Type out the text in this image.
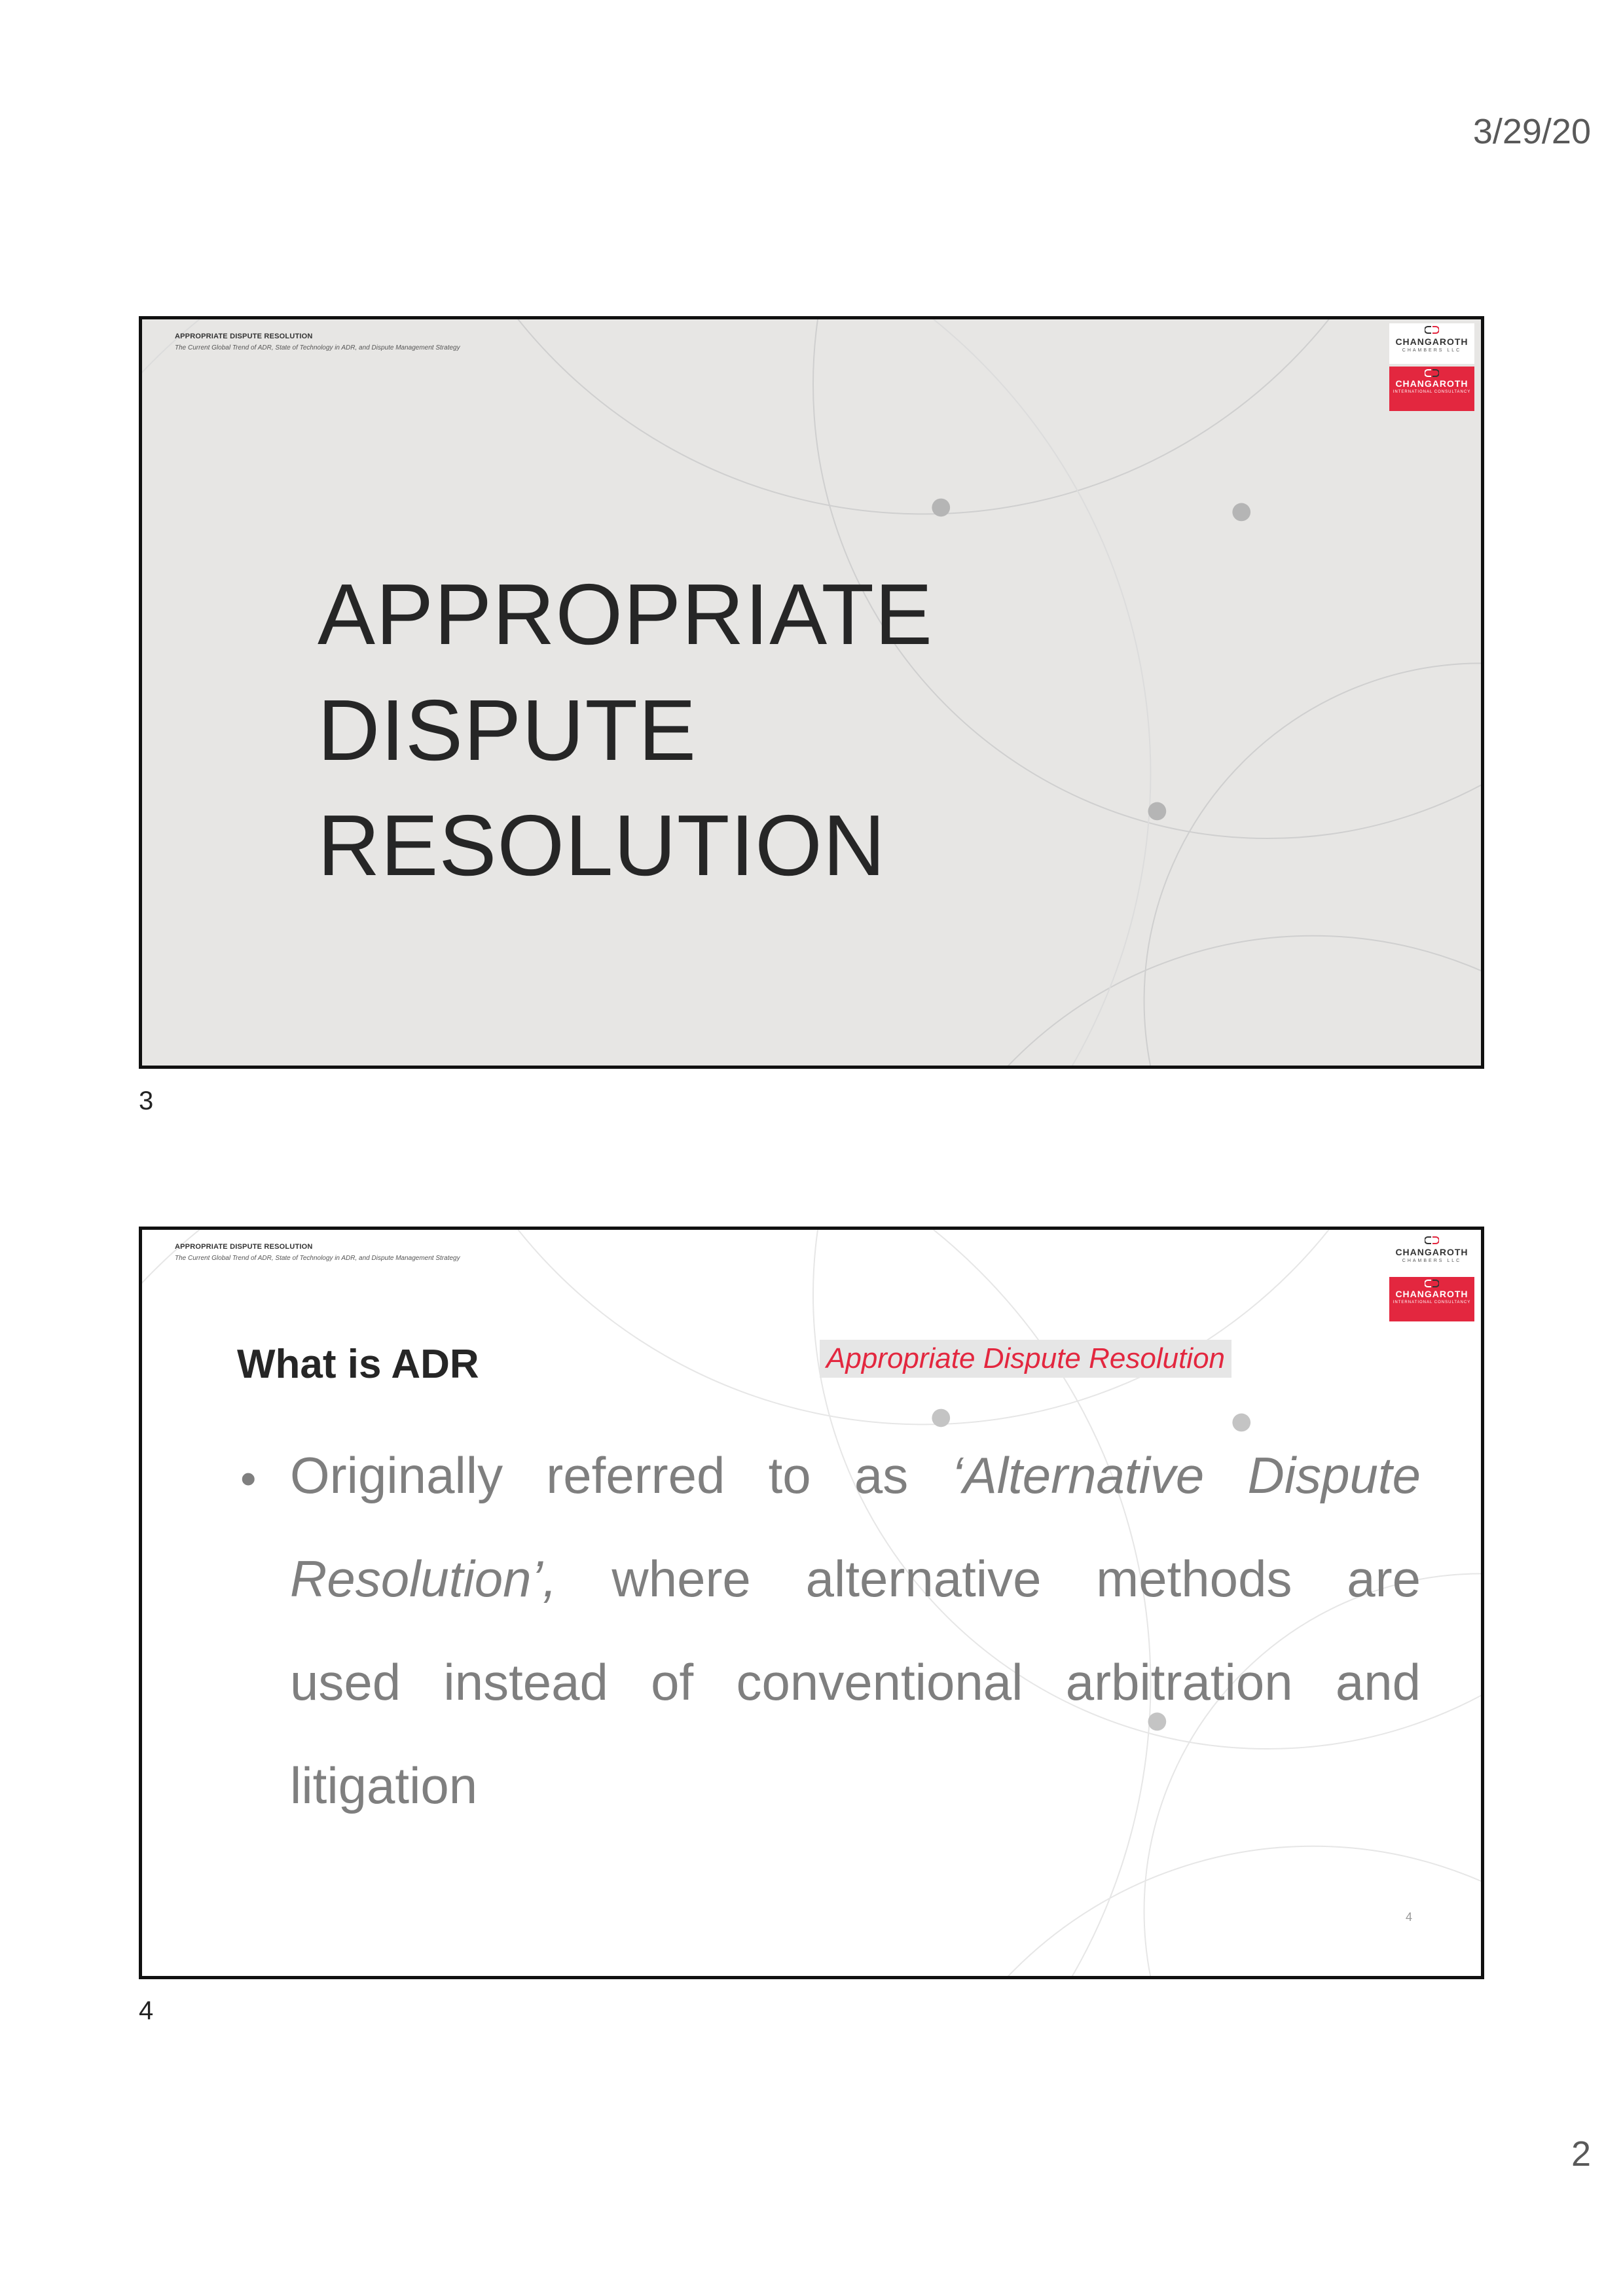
3/29/20
APPROPRIATE DISPUTE RESOLUTION
The Current Global Trend of ADR, State of Technology in ADR, and Dispute Management Strategy
CHANGAROTH
CHAMBERS LLC
CHANGAROTH
INTERNATIONAL CONSULTANCY
APPROPRIATE
DISPUTE
RESOLUTION
3
APPROPRIATE DISPUTE RESOLUTION
The Current Global Trend of ADR, State of Technology in ADR, and Dispute Management Strategy
CHANGAROTH
CHAMBERS LLC
CHANGAROTH
INTERNATIONAL CONSULTANCY
What is ADR	Appropriate Dispute Resolution
• Originally referred to as ‘Alternative Dispute
Resolution’, where alternative methods are
used instead of conventional arbitration and
litigation
4
4
2
